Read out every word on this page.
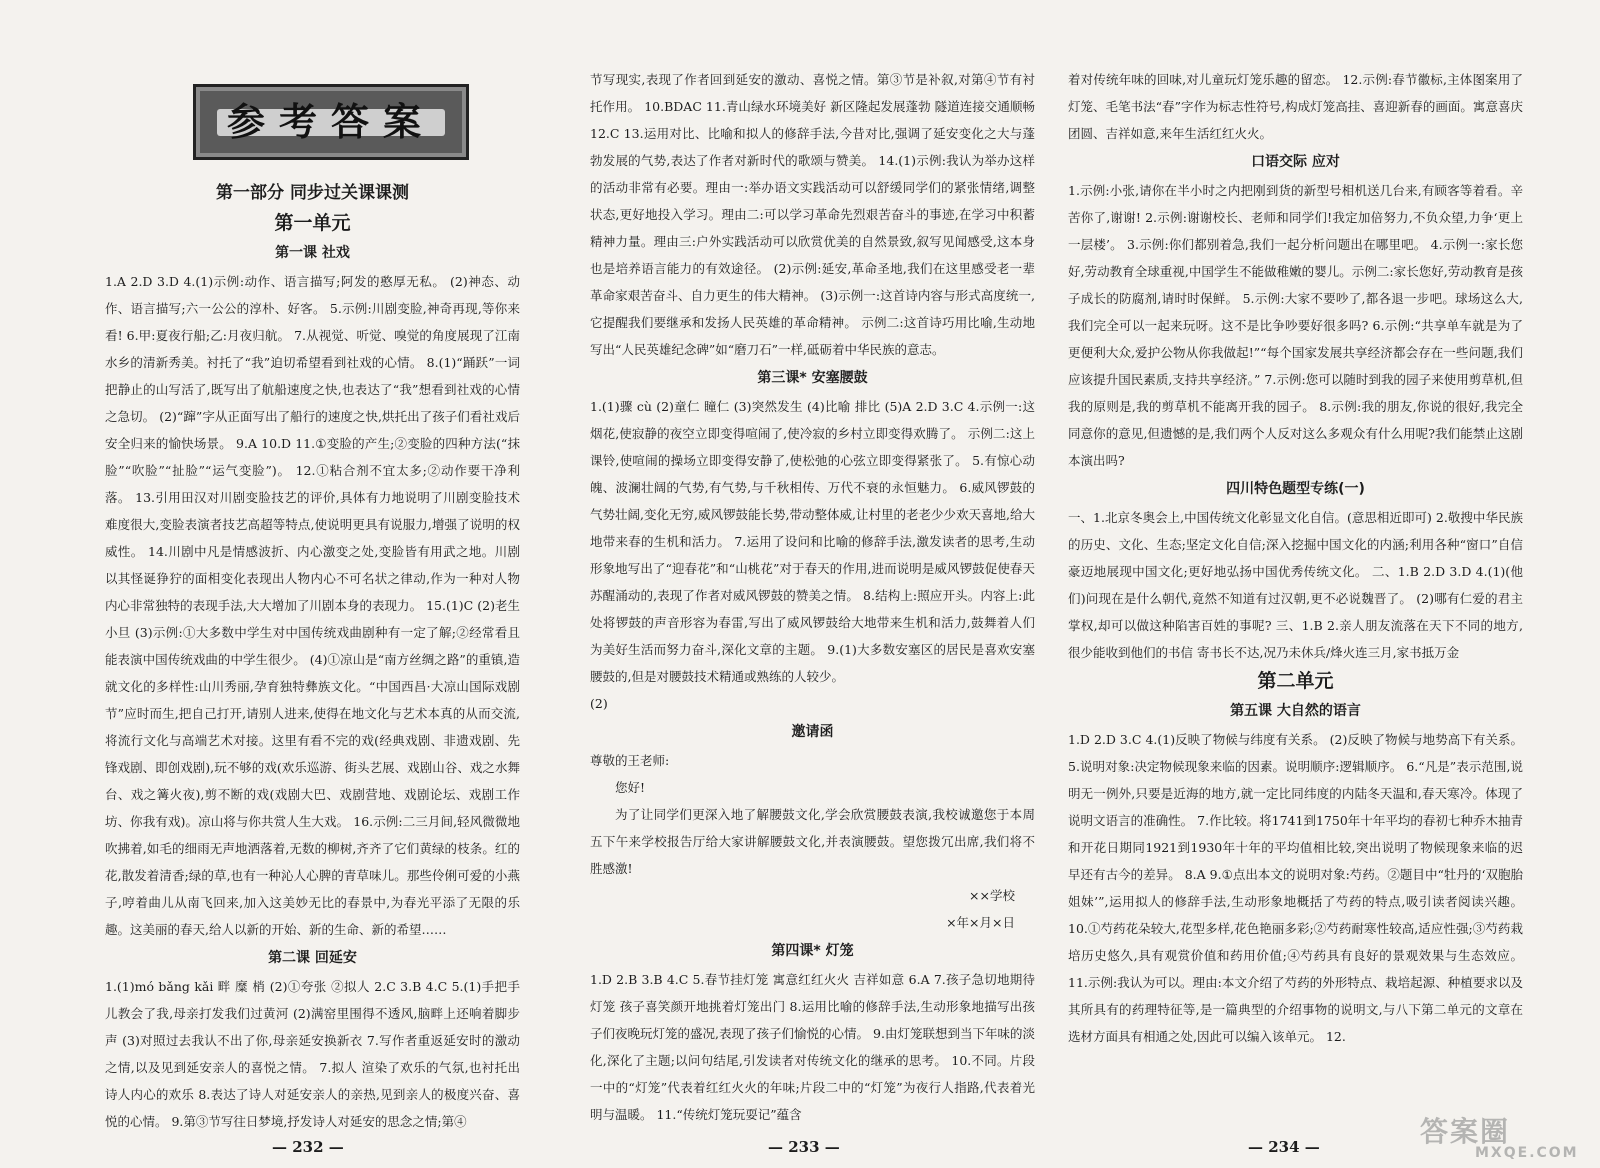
参考答案
第一部分 同步过关课课测
第一单元
第一课 社戏

1.A 2.D 3.D 4.(1)示例:动作、语言描写;阿发的憨厚无私。 (2)神态、动作、语言描写;六一公公的淳朴、好客。 5.示例:川剧变脸,神奇再现,等你来看! 6.甲:夏夜行船;乙:月夜归航。 7.从视觉、听觉、嗅觉的角度展现了江南水乡的清新秀美。衬托了“我”迫切希望看到社戏的心情。 8.(1)“踊跃”一词把静止的山写活了,既写出了航船速度之快,也表达了“我”想看到社戏的心情之急切。 (2)“蹿”字从正面写出了船行的速度之快,烘托出了孩子们看社戏后安全归来的愉快场景。 9.A 10.D 11.①变脸的产生;②变脸的四种方法(“抹脸”“吹脸”“扯脸”“运气变脸”)。 12.①粘合剂不宜太多;②动作要干净利落。 13.引用田汉对川剧变脸技艺的评价,具体有力地说明了川剧变脸技术难度很大,变脸表演者技艺高超等特点,使说明更具有说服力,增强了说明的权威性。 14.川剧中凡是情感波折、内心激变之处,变脸皆有用武之地。川剧以其怪诞狰狞的面相变化表现出人物内心不可名状之律动,作为一种对人物内心非常独特的表现手法,大大增加了川剧本身的表现力。 15.(1)C (2)老生 小旦 (3)示例:①大多数中学生对中国传统戏曲剧种有一定了解;②经常看且能表演中国传统戏曲的中学生很少。 (4)①凉山是“南方丝绸之路”的重镇,造就文化的多样性:山川秀丽,孕育独特彝族文化。“中国西昌·大凉山国际戏剧节”应时而生,把自己打开,请别人进来,使得在地文化与艺术本真的从而交流,将流行文化与高端艺术对接。这里有看不完的戏(经典戏剧、非遗戏剧、先锋戏剧、即创戏剧),玩不够的戏(欢乐巡游、街头艺展、戏剧山谷、戏之水舞台、戏之篝火夜),剪不断的戏(戏剧大巴、戏剧营地、戏剧论坛、戏剧工作坊、你我有戏)。凉山将与你共赏人生大戏。 16.示例:二三月间,轻风微微地吹拂着,如毛的细雨无声地洒落着,无数的柳树,齐齐了它们黄绿的枝条。红的花,散发着清香;绿的草,也有一种沁人心脾的青草味儿。那些伶俐可爱的小燕子,哼着曲儿从南飞回来,加入这美妙无比的春景中,为春光平添了无限的乐趣。这美丽的春天,给人以新的开始、新的生命、新的希望……

第二课 回延安

1.(1)mó bǎng kǎi 畔 糜 梢 (2)①夸张 ②拟人 2.C 3.B 4.C 5.(1)手把手儿教会了我,母亲打发我们过黄河 (2)满窑里围得不透风,脑畔上还响着脚步声 (3)对照过去我认不出了你,母亲延安换新衣 7.写作者重返延安时的激动之情,以及见到延安亲人的喜悦之情。 7.拟人 渲染了欢乐的气氛,也衬托出诗人内心的欢乐 8.表达了诗人对延安亲人的亲热,见到亲人的极度兴奋、喜悦的心情。 9.第③节写往日梦境,抒发诗人对延安的思念之情;第④

节写现实,表现了作者回到延安的激动、喜悦之情。第③节是补叙,对第④节有衬托作用。 10.BDAC 11.青山绿水环境美好 新区隆起发展蓬勃 隧道连接交通顺畅 12.C 13.运用对比、比喻和拟人的修辞手法,今昔对比,强调了延安变化之大与蓬勃发展的气势,表达了作者对新时代的歌颂与赞美。 14.(1)示例:我认为举办这样的活动非常有必要。理由一:举办语文实践活动可以舒缓同学们的紧张情绪,调整状态,更好地投入学习。理由二:可以学习革命先烈艰苦奋斗的事迹,在学习中积蓄精神力量。理由三:户外实践活动可以欣赏优美的自然景致,叙写见闻感受,这本身也是培养语言能力的有效途径。 (2)示例:延安,革命圣地,我们在这里感受老一辈革命家艰苦奋斗、自力更生的伟大精神。 (3)示例一:这首诗内容与形式高度统一,它提醒我们要继承和发扬人民英雄的革命精神。 示例二:这首诗巧用比喻,生动地写出“人民英雄纪念碑”如“磨刀石”一样,砥砺着中华民族的意志。

第三课* 安塞腰鼓

1.(1)骤 cù (2)童仁 瞳仁 (3)突然发生 (4)比喻 排比 (5)A 2.D 3.C 4.示例一:这烟花,使寂静的夜空立即变得喧闹了,使冷寂的乡村立即变得欢腾了。 示例二:这上课铃,使喧闹的操场立即变得安静了,使松弛的心弦立即变得紧张了。 5.有惊心动魄、波澜壮阔的气势,有气势,与千秋相传、万代不衰的永恒魅力。 6.威风锣鼓的气势壮阔,变化无穷,威风锣鼓能长势,带动整体威,让村里的老老少少欢天喜地,给大地带来春的生机和活力。 7.运用了设问和比喻的修辞手法,激发读者的思考,生动形象地写出了“迎春花”和“山桃花”对于春天的作用,进而说明是威风锣鼓促使春天苏醒涌动的,表现了作者对威风锣鼓的赞美之情。 8.结构上:照应开头。内容上:此处将锣鼓的声音形容为春雷,写出了威风锣鼓给大地带来生机和活力,鼓舞着人们为美好生活而努力奋斗,深化文章的主题。 9.(1)大多数安塞区的居民是喜欢安塞腰鼓的,但是对腰鼓技术精通或熟练的人较少。

(2)

邀请函

尊敬的王老师:

您好!

为了让同学们更深入地了解腰鼓文化,学会欣赏腰鼓表演,我校诚邀您于本周五下午来学校报告厅给大家讲解腰鼓文化,并表演腰鼓。望您拨冗出席,我们将不胜感激!

××学校

×年×月×日

第四课* 灯笼

1.D 2.B 3.B 4.C 5.春节挂灯笼 寓意红红火火 吉祥如意 6.A 7.孩子急切地期待灯笼 孩子喜笑颜开地挑着灯笼出门 8.运用比喻的修辞手法,生动形象地描写出孩子们夜晚玩灯笼的盛况,表现了孩子们愉悦的心情。 9.由灯笼联想到当下年味的淡化,深化了主题;以问句结尾,引发读者对传统文化的继承的思考。 10.不同。片段一中的“灯笼”代表着红红火火的年味;片段二中的“灯笼”为夜行人指路,代表着光明与温暖。 11.“传统灯笼玩耍记”蕴含

着对传统年味的回味,对儿童玩灯笼乐趣的留恋。 12.示例:春节徽标,主体图案用了灯笼、毛笔书法“春”字作为标志性符号,构成灯笼高挂、喜迎新春的画面。寓意喜庆团圆、吉祥如意,来年生活红红火火。

口语交际 应对

1.示例:小张,请你在半小时之内把刚到货的新型号相机送几台来,有顾客等着看。辛苦你了,谢谢! 2.示例:谢谢校长、老师和同学们!我定加倍努力,不负众望,力争‘更上一层楼’。 3.示例:你们都别着急,我们一起分析问题出在哪里吧。 4.示例一:家长您好,劳动教育全球重视,中国学生不能做稚嫩的婴儿。示例二:家长您好,劳动教育是孩子成长的防腐剂,请时时保鲜。 5.示例:大家不要吵了,都各退一步吧。球场这么大,我们完全可以一起来玩呀。这不是比争吵要好很多吗? 6.示例:“共享单车就是为了更便利大众,爱护公物从你我做起!”“每个国家发展共享经济都会存在一些问题,我们应该提升国民素质,支持共享经济。” 7.示例:您可以随时到我的园子来使用剪草机,但我的原则是,我的剪草机不能离开我的园子。 8.示例:我的朋友,你说的很好,我完全同意你的意见,但遗憾的是,我们两个人反对这么多观众有什么用呢?我们能禁止这剧本演出吗?

四川特色题型专练(一)

一、1.北京冬奥会上,中国传统文化彰显文化自信。(意思相近即可) 2.敬搜中华民族的历史、文化、生态;坚定文化自信;深入挖掘中国文化的内涵;利用各种“窗口”自信豪迈地展现中国文化;更好地弘扬中国优秀传统文化。 二、1.B 2.D 3.D 4.(1)(他们)问现在是什么朝代,竟然不知道有过汉朝,更不必说魏晋了。 (2)哪有仁爱的君主掌权,却可以做这种陷害百姓的事呢? 三、1.B 2.亲人朋友流落在天下不同的地方,很少能收到他们的书信 寄书长不达,况乃未休兵/烽火连三月,家书抵万金

第二单元
第五课 大自然的语言

1.D 2.D 3.C 4.(1)反映了物候与纬度有关系。 (2)反映了物候与地势高下有关系。 5.说明对象:决定物候现象来临的因素。说明顺序:逻辑顺序。 6.“凡是”表示范围,说明无一例外,只要是近海的地方,就一定比同纬度的内陆冬天温和,春天寒冷。体现了说明文语言的准确性。 7.作比较。将1741到1750年十年平均的春初七种乔木抽青和开花日期同1921到1930年十年的平均值相比较,突出说明了物候现象来临的迟早还有古今的差异。 8.A 9.①点出本文的说明对象:芍药。②题目中“牡丹的‘双胞胎姐妹’”,运用拟人的修辞手法,生动形象地概括了芍药的特点,吸引读者阅读兴趣。 10.①芍药花朵较大,花型多样,花色艳丽多彩;②芍药耐寒性较高,适应性强;③芍药栽培历史悠久,具有观赏价值和药用价值;④芍药具有良好的景观效果与生态效应。 11.示例:我认为可以。理由:本文介绍了芍药的外形特点、栽培起源、种植要求以及其所具有的药理特征等,是一篇典型的介绍事物的说明文,与八下第二单元的文章在选材方面具有相通之处,因此可以编入该单元。 12.

— 232 —	— 233 —	— 234 —	答案圈
MXQE.COM
